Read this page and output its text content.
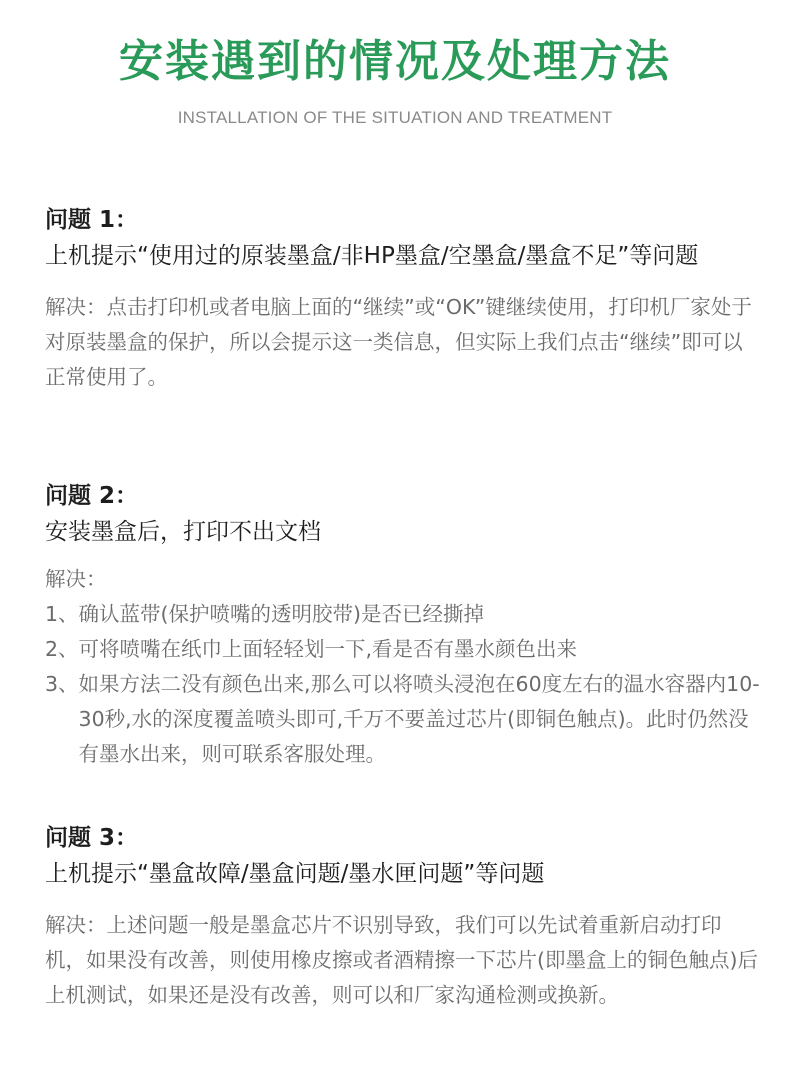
安装遇到的情况及处理方法
INSTALLATION OF THE SITUATION AND TREATMENT
问题 1：
上机提示“使用过的原装墨盒/非HP墨盒/空墨盒/墨盒不足”等问题
解决：点击打印机或者电脑上面的“继续”或“OK”键继续使用，打印机厂家处于对原装墨盒的保护，所以会提示这一类信息，但实际上我们点击“继续”即可以正常使用了。
问题 2：
安装墨盒后，打印不出文档
解决：
1、 确认蓝带(保护喷嘴的透明胶带)是否已经撕掉
2、 可将喷嘴在纸巾上面轻轻划一下,看是否有墨水颜色出来
3、 如果方法二没有颜色出来,那么可以将喷头浸泡在60度左右的温水容器内10-30秒,水的深度覆盖喷头即可,千万不要盖过芯片(即铜色触点)。此时仍然没有墨水出来，则可联系客服处理。
问题 3：
上机提示“墨盒故障/墨盒问题/墨水匣问题”等问题
解决：上述问题一般是墨盒芯片不识别导致，我们可以先试着重新启动打印机，如果没有改善，则使用橡皮擦或者酒精擦一下芯片(即墨盒上的铜色触点)后上机测试，如果还是没有改善，则可以和厂家沟通检测或换新。
